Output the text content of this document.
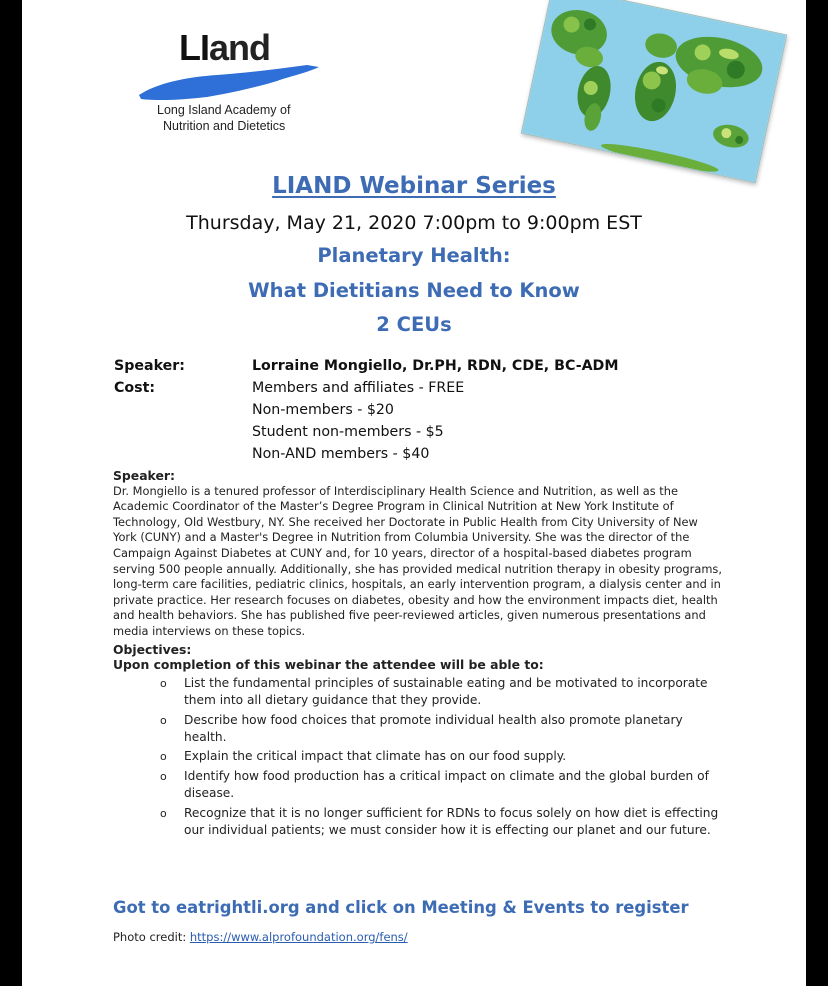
LIand
Long Island Academy of
Nutrition and Dietetics
LIAND Webinar Series
Thursday, May 21, 2020 7:00pm to 9:00pm EST
Planetary Health:
What Dietitians Need to Know
2 CEUs
Speaker:	Lorraine Mongiello, Dr.PH, RDN, CDE, BC-ADM
Cost:	Members and affiliates - FREE
Non-members - $20
Student non-members - $5
Non-AND members - $40
Speaker:
Dr. Mongiello is a tenured professor of Interdisciplinary Health Science and Nutrition, as well as the Academic Coordinator of the Master’s Degree Program in Clinical Nutrition at New York Institute of Technology, Old Westbury, NY. She received her Doctorate in Public Health from City University of New York (CUNY) and a Master's Degree in Nutrition from Columbia University. She was the director of the Campaign Against Diabetes at CUNY and, for 10 years, director of a hospital-based diabetes program serving 500 people annually. Additionally, she has provided medical nutrition therapy in obesity programs, long-term care facilities, pediatric clinics, hospitals, an early intervention program, a dialysis center and in private practice. Her research focuses on diabetes, obesity and how the environment impacts diet, health and health behaviors. She has published five peer-reviewed articles, given numerous presentations and media interviews on these topics.
Objectives:
Upon completion of this webinar the attendee will be able to:
o List the fundamental principles of sustainable eating and be motivated to incorporate them into all dietary guidance that they provide.
o Describe how food choices that promote individual health also promote planetary health.
o Explain the critical impact that climate has on our food supply.
o Identify how food production has a critical impact on climate and the global burden of disease.
o Recognize that it is no longer sufficient for RDNs to focus solely on how diet is effecting our individual patients; we must consider how it is effecting our planet and our future.
Got to eatrightli.org and click on Meeting & Events to register
Photo credit: https://www.alprofoundation.org/fens/
